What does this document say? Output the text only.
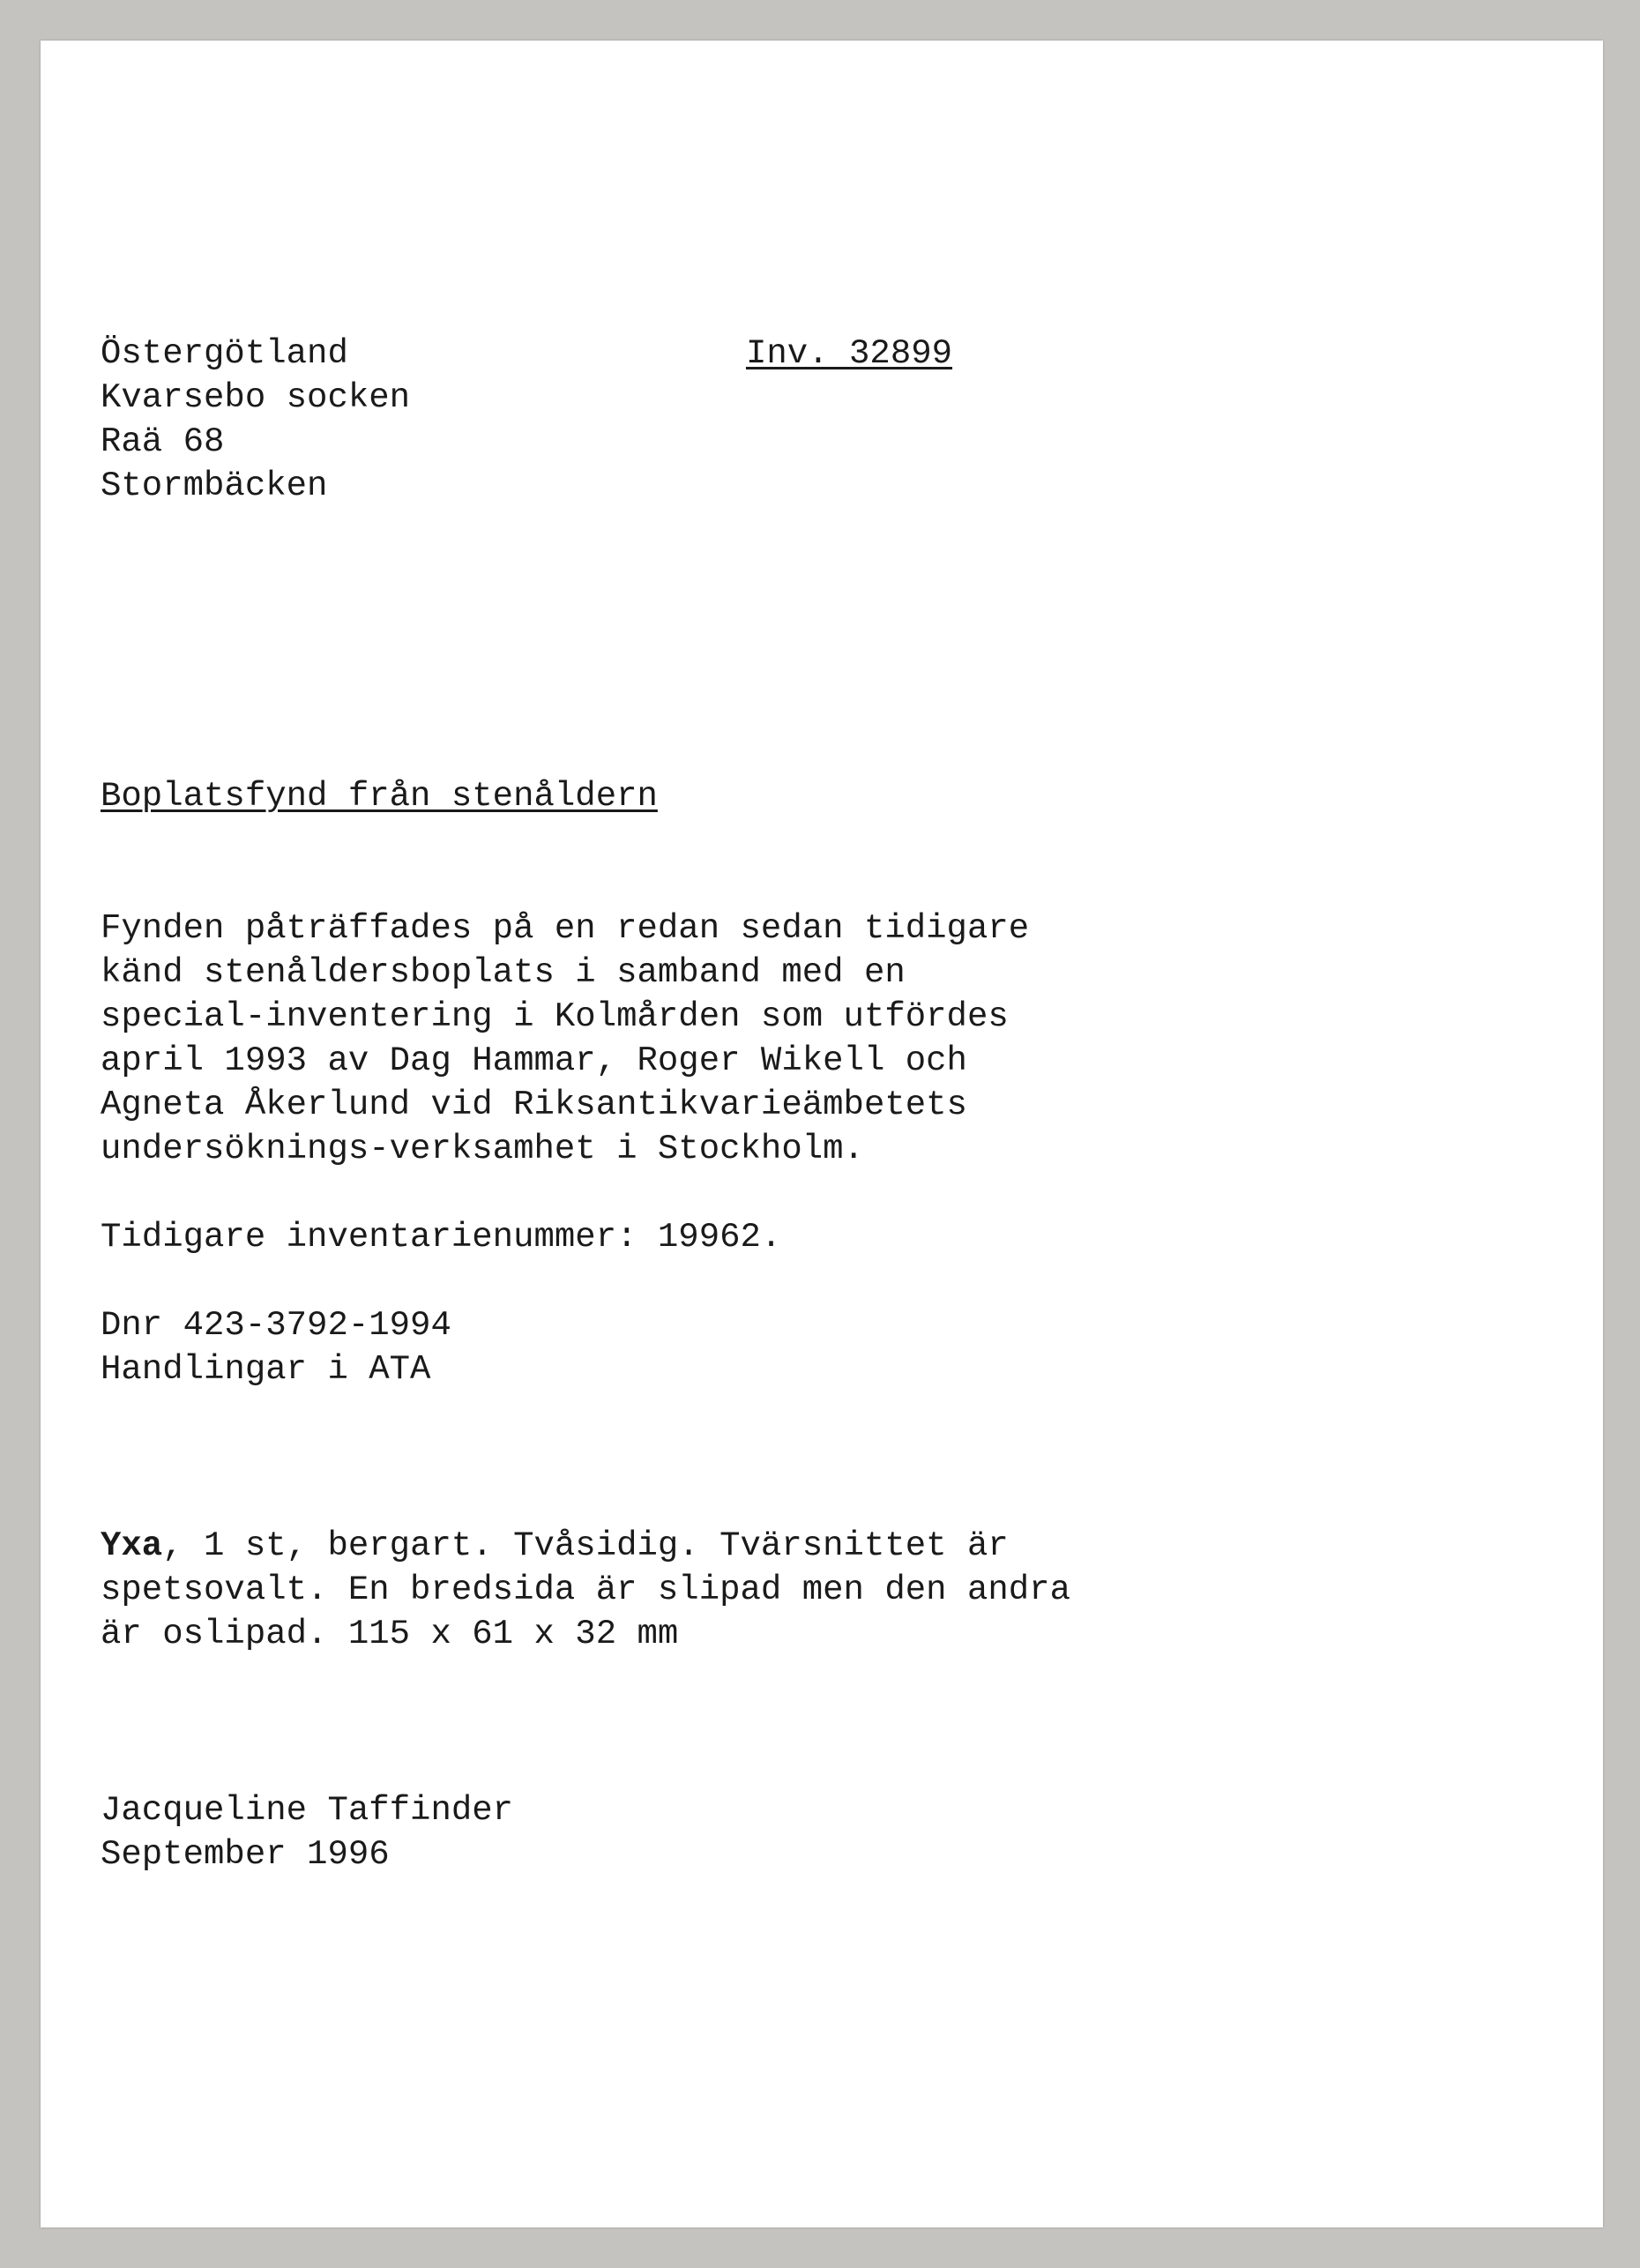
Östergötland	Inv. 32899
Kvarsebo socken
Raä 68
Stormbäcken
Boplatsfynd från stenåldern
Fynden påträffades på en redan sedan tidigare
känd stenåldersboplats i samband med en
special-inventering i Kolmården som utfördes
april 1993 av Dag Hammar, Roger Wikell och
Agneta Åkerlund vid Riksantikvarieämbetets
undersöknings-verksamhet i Stockholm.
Tidigare inventarienummer: 19962.
Dnr 423-3792-1994
Handlingar i ATA
Yxa, 1 st, bergart. Tvåsidig. Tvärsnittet är
spetsovalt. En bredsida är slipad men den andra
är oslipad. 115 x 61 x 32 mm
Jacqueline Taffinder
September 1996
